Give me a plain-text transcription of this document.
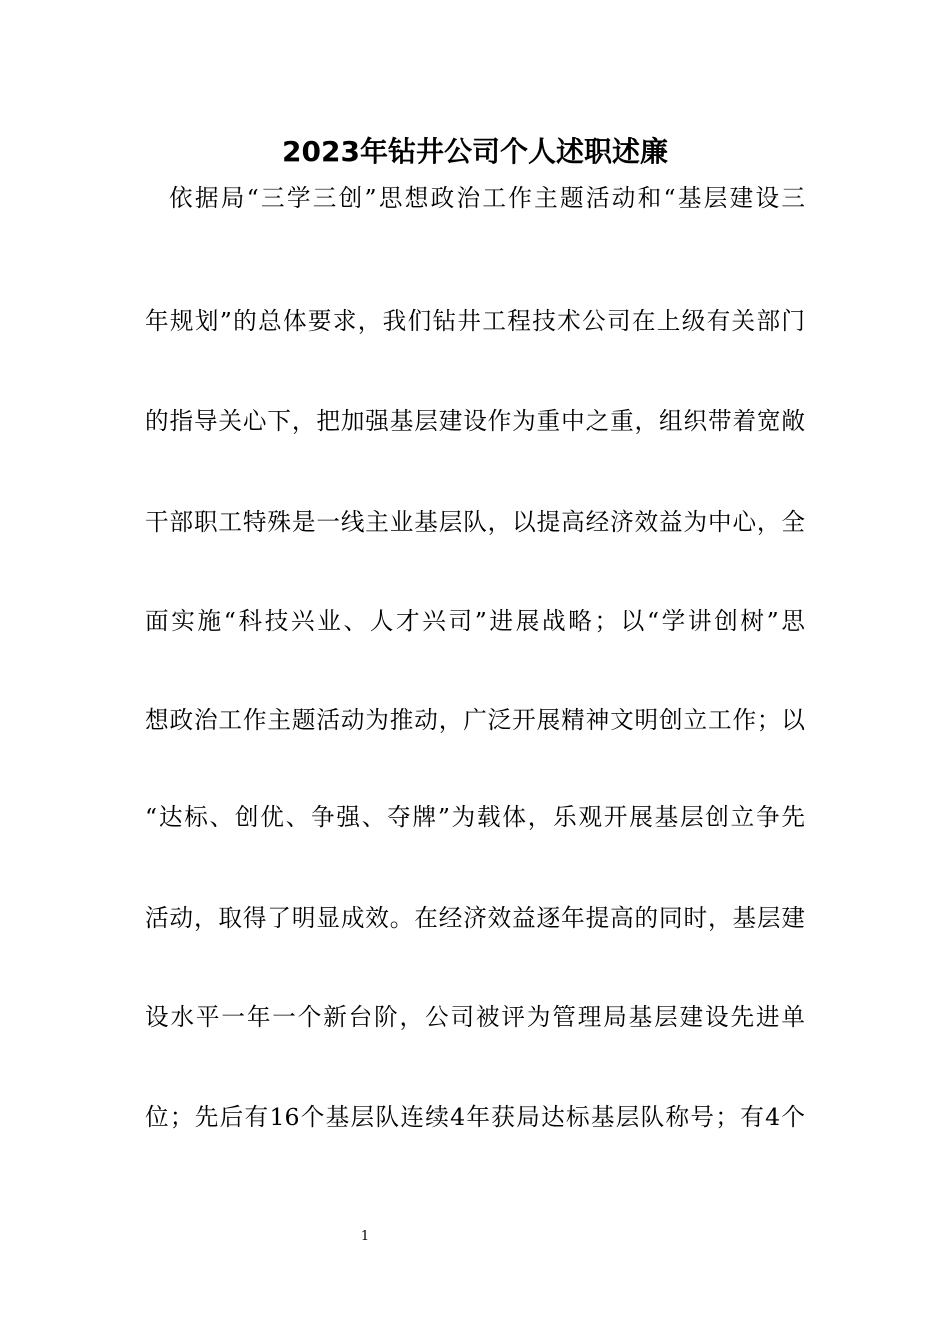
2023年钻井公司个人述职述廉

依据局“三学三创”思想政治工作主题活动和“基层建设三

年规划”的总体要求，我们钻井工程技术公司在上级有关部门

的指导关心下，把加强基层建设作为重中之重，组织带着宽敞

干部职工特殊是一线主业基层队，以提高经济效益为中心，全

面实施“科技兴业、人才兴司”进展战略；以“学讲创树”思

想政治工作主题活动为推动，广泛开展精神文明创立工作；以

“达标、创优、争强、夺牌”为载体，乐观开展基层创立争先

活动，取得了明显成效。在经济效益逐年提高的同时，基层建

设水平一年一个新台阶，公司被评为管理局基层建设先进单

位；先后有16个基层队连续4年获局达标基层队称号；有4个

1
